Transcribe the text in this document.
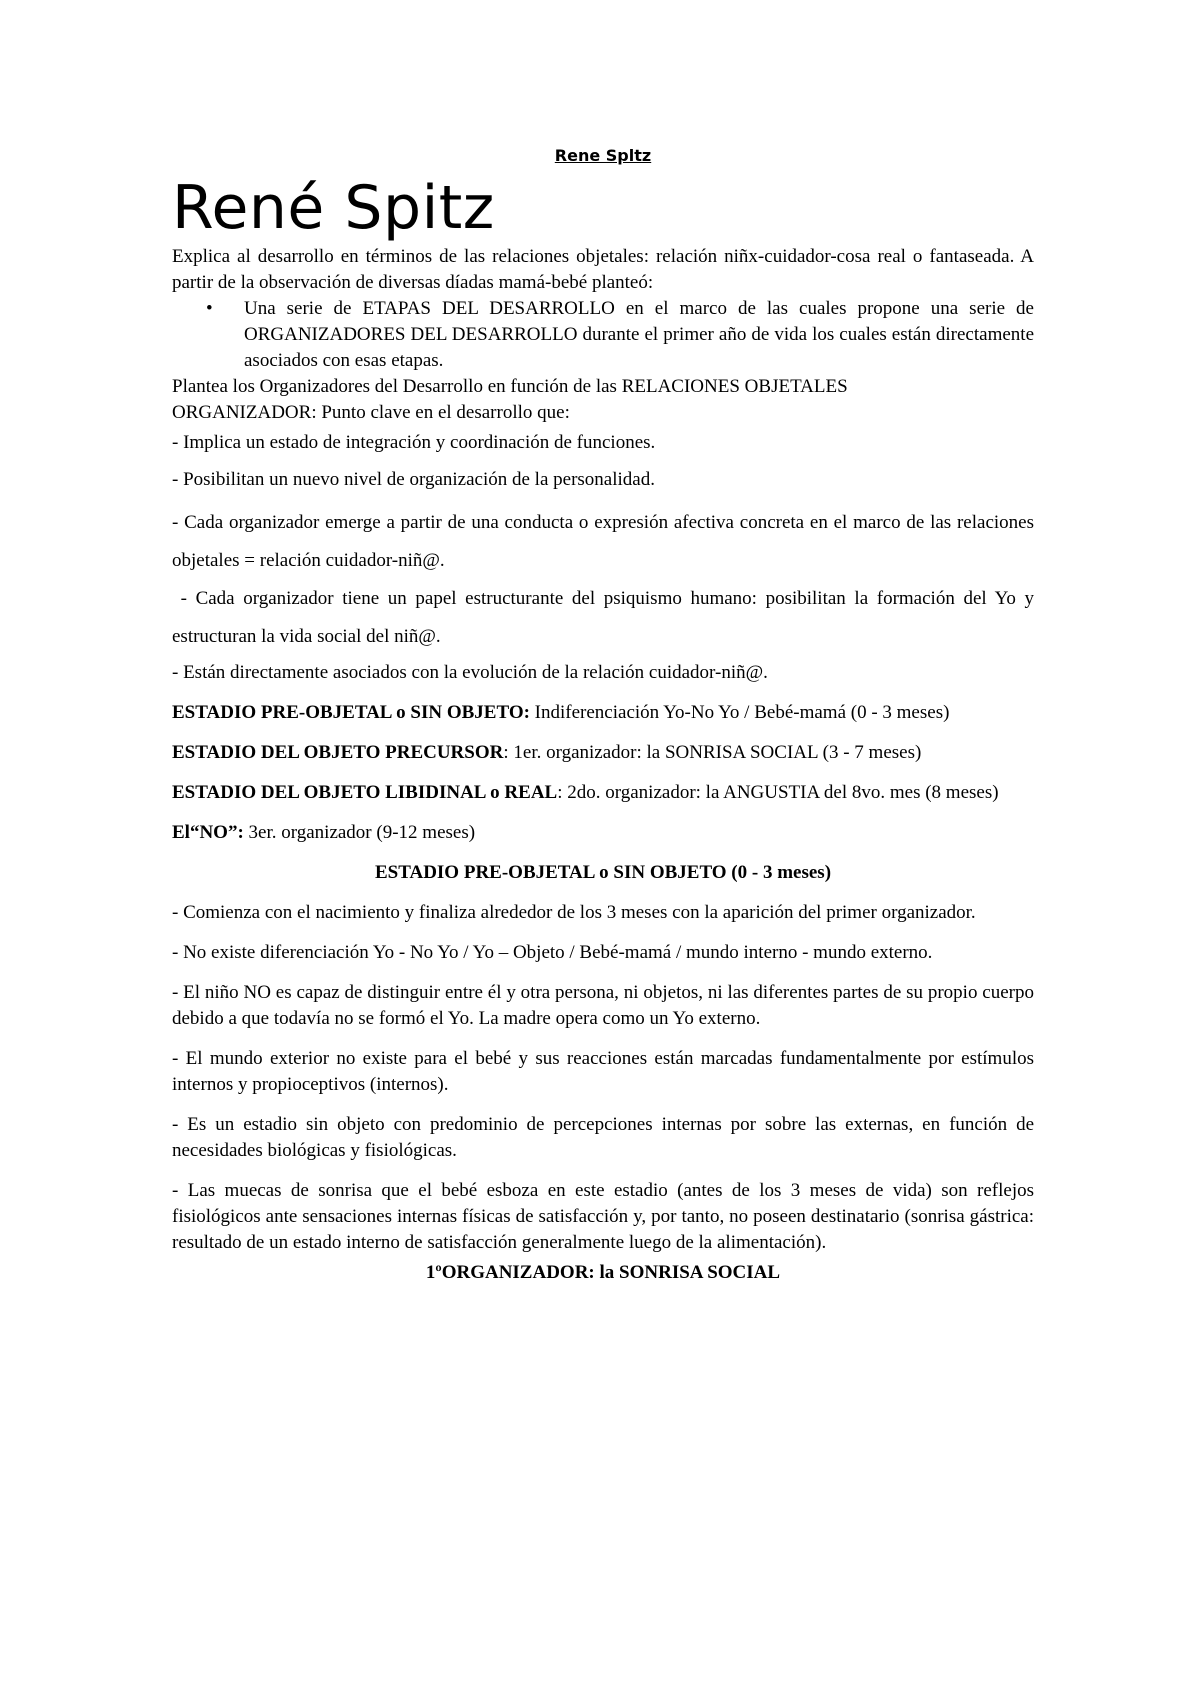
Rene Spltz
René Spitz

Explica al desarrollo en términos de las relaciones objetales: relación niñx-cuidador-cosa real o fantaseada. A partir de la observación de diversas díadas mamá-bebé planteó:

• Una serie de ETAPAS DEL DESARROLLO en el marco de las cuales propone una serie de ORGANIZADORES DEL DESARROLLO durante el primer año de vida los cuales están directamente asociados con esas etapas.

Plantea los Organizadores del Desarrollo en función de las RELACIONES OBJETALES

ORGANIZADOR: Punto clave en el desarrollo que:

- Implica un estado de integración y coordinación de funciones.

- Posibilitan un nuevo nivel de organización de la personalidad.

- Cada organizador emerge a partir de una conducta o expresión afectiva concreta en el marco de las relaciones objetales = relación cuidador-niñ@.

- Cada organizador tiene un papel estructurante del psiquismo humano: posibilitan la formación del Yo y estructuran la vida social del niñ@.

- Están directamente asociados con la evolución de la relación cuidador-niñ@.

ESTADIO PRE-OBJETAL o SIN OBJETO: Indiferenciación Yo-No Yo / Bebé-mamá (0 - 3 meses)

ESTADIO DEL OBJETO PRECURSOR: 1er. organizador: la SONRISA SOCIAL (3 - 7 meses)

ESTADIO DEL OBJETO LIBIDINAL o REAL: 2do. organizador: la ANGUSTIA del 8vo. mes (8 meses)

El“NO”: 3er. organizador (9-12 meses)

ESTADIO PRE-OBJETAL o SIN OBJETO (0 - 3 meses)

- Comienza con el nacimiento y finaliza alrededor de los 3 meses con la aparición del primer organizador.

- No existe diferenciación Yo - No Yo / Yo – Objeto / Bebé-mamá / mundo interno - mundo externo.

- El niño NO es capaz de distinguir entre él y otra persona, ni objetos, ni las diferentes partes de su propio cuerpo debido a que todavía no se formó el Yo. La madre opera como un Yo externo.

- El mundo exterior no existe para el bebé y sus reacciones están marcadas fundamentalmente por estímulos internos y propioceptivos (internos).

- Es un estadio sin objeto con predominio de percepciones internas por sobre las externas, en función de necesidades biológicas y fisiológicas.

- Las muecas de sonrisa que el bebé esboza en este estadio (antes de los 3 meses de vida) son reflejos fisiológicos ante sensaciones internas físicas de satisfacción y, por tanto, no poseen destinatario (sonrisa gástrica: resultado de un estado interno de satisfacción generalmente luego de la alimentación).

1ºORGANIZADOR: la SONRISA SOCIAL
